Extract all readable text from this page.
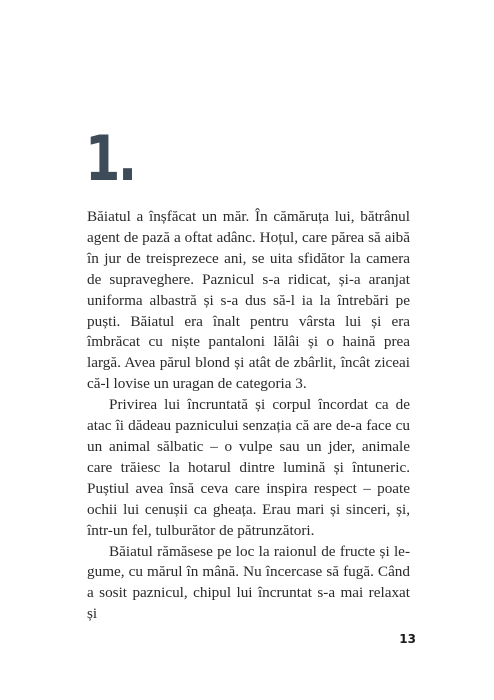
1.

Băiatul a înșfăcat un măr. În cămăruța lui, bătrânul agent de pază a oftat adânc. Hoțul, care părea să aibă în jur de treisprezece ani, se uita sfidător la camera de supraveghere. Paznicul s-a ridicat, și-a aranjat uniforma albastră și s-a dus să-l ia la întrebări pe puști. Băiatul era înalt pentru vârsta lui și era îmbrăcat cu niște pantaloni lălâi și o haină prea largă. Avea părul blond și atât de zbârlit, încât ziceai că-l lovise un uragan de categoria 3.

Privirea lui încruntată și corpul încordat ca de atac îi dădeau paznicului senzația că are de-a face cu un animal sălbatic – o vulpe sau un jder, animale care trăiesc la hotarul dintre lumină și întuneric. Puștiul avea însă ceva care inspira respect – poate ochii lui cenușii ca gheața. Erau mari și sinceri, și, într-un fel, tulburător de pătrunzători.

Băiatul rămăsese pe loc la raionul de fructe și legume, cu mărul în mână. Nu încercase să fugă. Când a sosit paznicul, chipul lui încruntat s-a mai relaxat și

13
